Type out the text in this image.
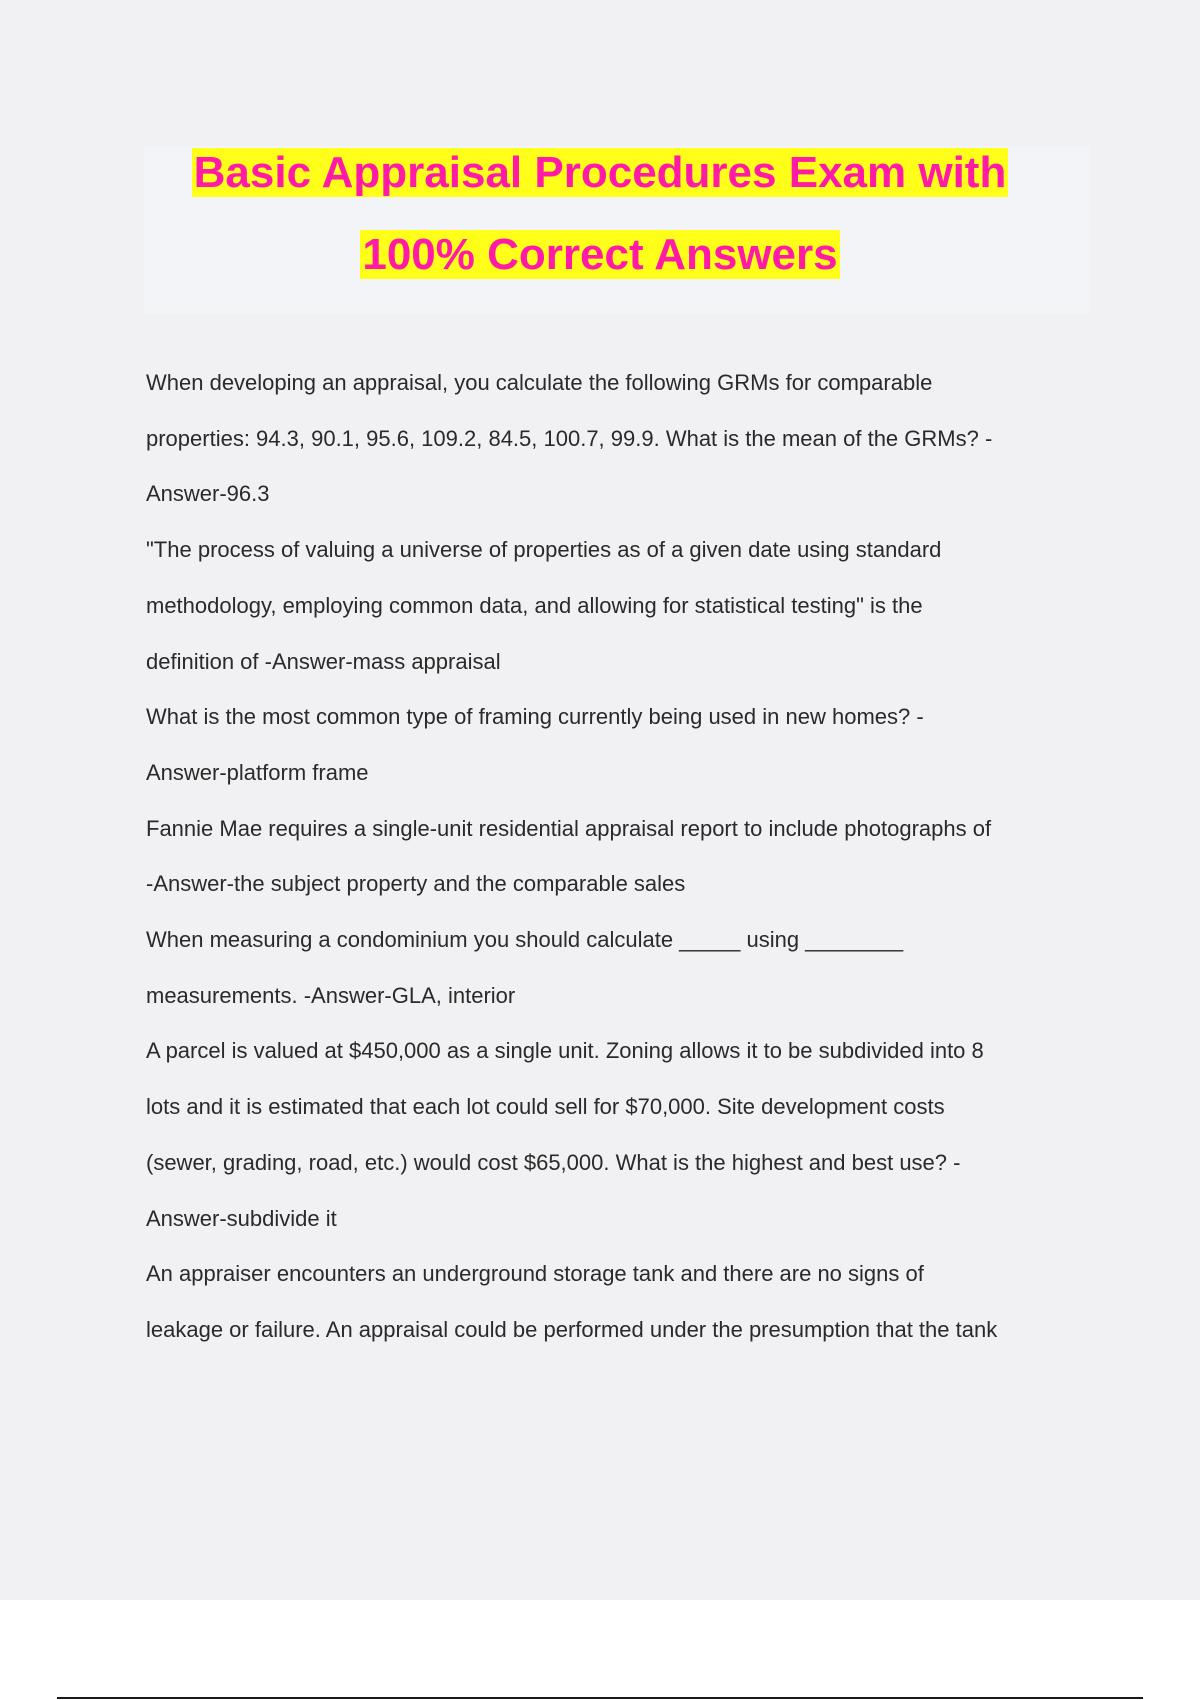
Basic Appraisal Procedures Exam with
100% Correct Answers
When developing an appraisal, you calculate the following GRMs for comparable
properties: 94.3, 90.1, 95.6, 109.2, 84.5, 100.7, 99.9. What is the mean of the GRMs? -
Answer-96.3
"The process of valuing a universe of properties as of a given date using standard
methodology, employing common data, and allowing for statistical testing" is the
definition of -Answer-mass appraisal
What is the most common type of framing currently being used in new homes? -
Answer-platform frame
Fannie Mae requires a single-unit residential appraisal report to include photographs of
-Answer-the subject property and the comparable sales
When measuring a condominium you should calculate _____ using ________
measurements. -Answer-GLA, interior
A parcel is valued at $450,000 as a single unit. Zoning allows it to be subdivided into 8
lots and it is estimated that each lot could sell for $70,000. Site development costs
(sewer, grading, road, etc.) would cost $65,000. What is the highest and best use? -
Answer-subdivide it
An appraiser encounters an underground storage tank and there are no signs of
leakage or failure. An appraisal could be performed under the presumption that the tank
